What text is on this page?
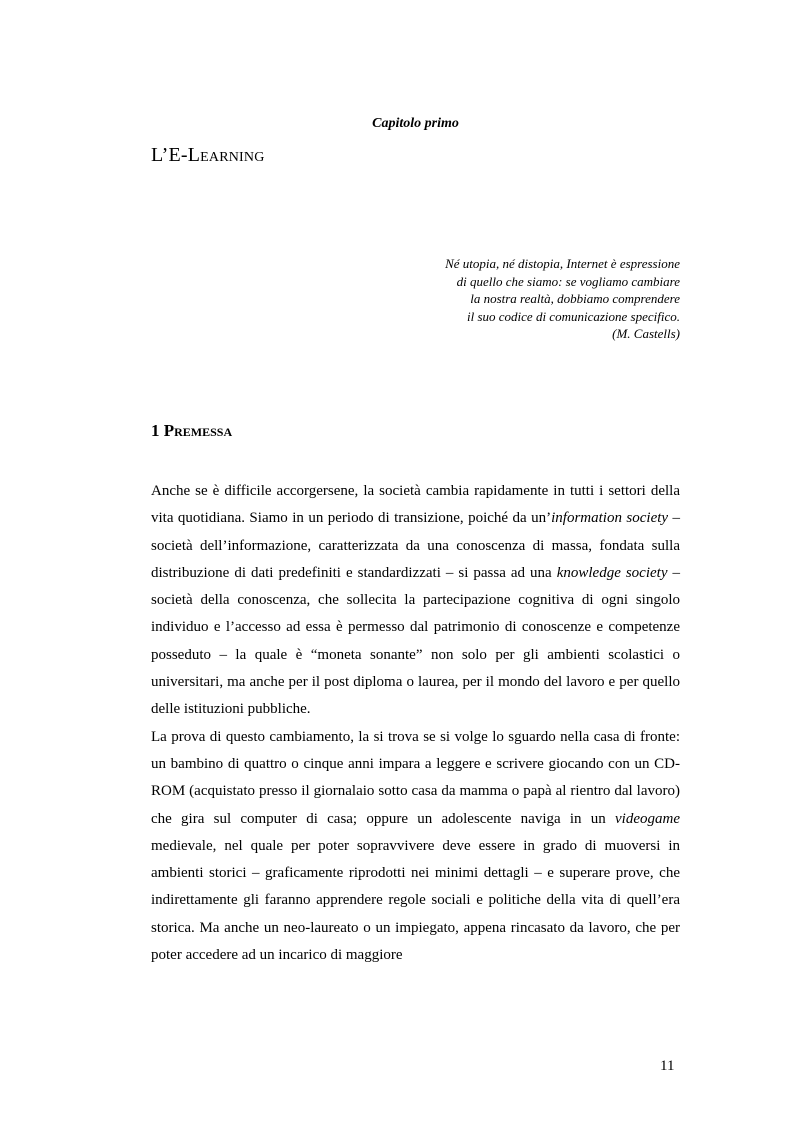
Capitolo primo
L’E-Learning
Né utopia, né distopia, Internet è espressione
di quello che siamo: se vogliamo cambiare
la nostra realtà, dobbiamo comprendere
il suo codice di comunicazione specifico.
(M. Castells)
1 Premessa

Anche se è difficile accorgersene, la società cambia rapidamente in tutti i settori della vita quotidiana. Siamo in un periodo di transizione, poiché da un’information society – società dell’informazione, caratterizzata da una conoscenza di massa, fondata sulla distribuzione di dati predefiniti e standardizzati – si passa ad una knowledge society – società della conoscenza, che sollecita la partecipazione cognitiva di ogni singolo individuo e l’accesso ad essa è permesso dal patrimonio di conoscenze e competenze posseduto – la quale è “moneta sonante” non solo per gli ambienti scolastici o universitari, ma anche per il post diploma o laurea, per il mondo del lavoro e per quello delle istituzioni pubbliche.

La prova di questo cambiamento, la si trova se si volge lo sguardo nella casa di fronte: un bambino di quattro o cinque anni impara a leggere e scrivere giocando con un CD-ROM (acquistato presso il giornalaio sotto casa da mamma o papà al rientro dal lavoro) che gira sul computer di casa; oppure un adolescente naviga in un videogame medievale, nel quale per poter sopravvivere deve essere in grado di muoversi in ambienti storici – graficamente riprodotti nei minimi dettagli – e superare prove, che indirettamente gli faranno apprendere regole sociali e politiche della vita di quell’era storica. Ma anche un neo-laureato o un impiegato, appena rincasato da lavoro, che per poter accedere ad un incarico di maggiore

11
